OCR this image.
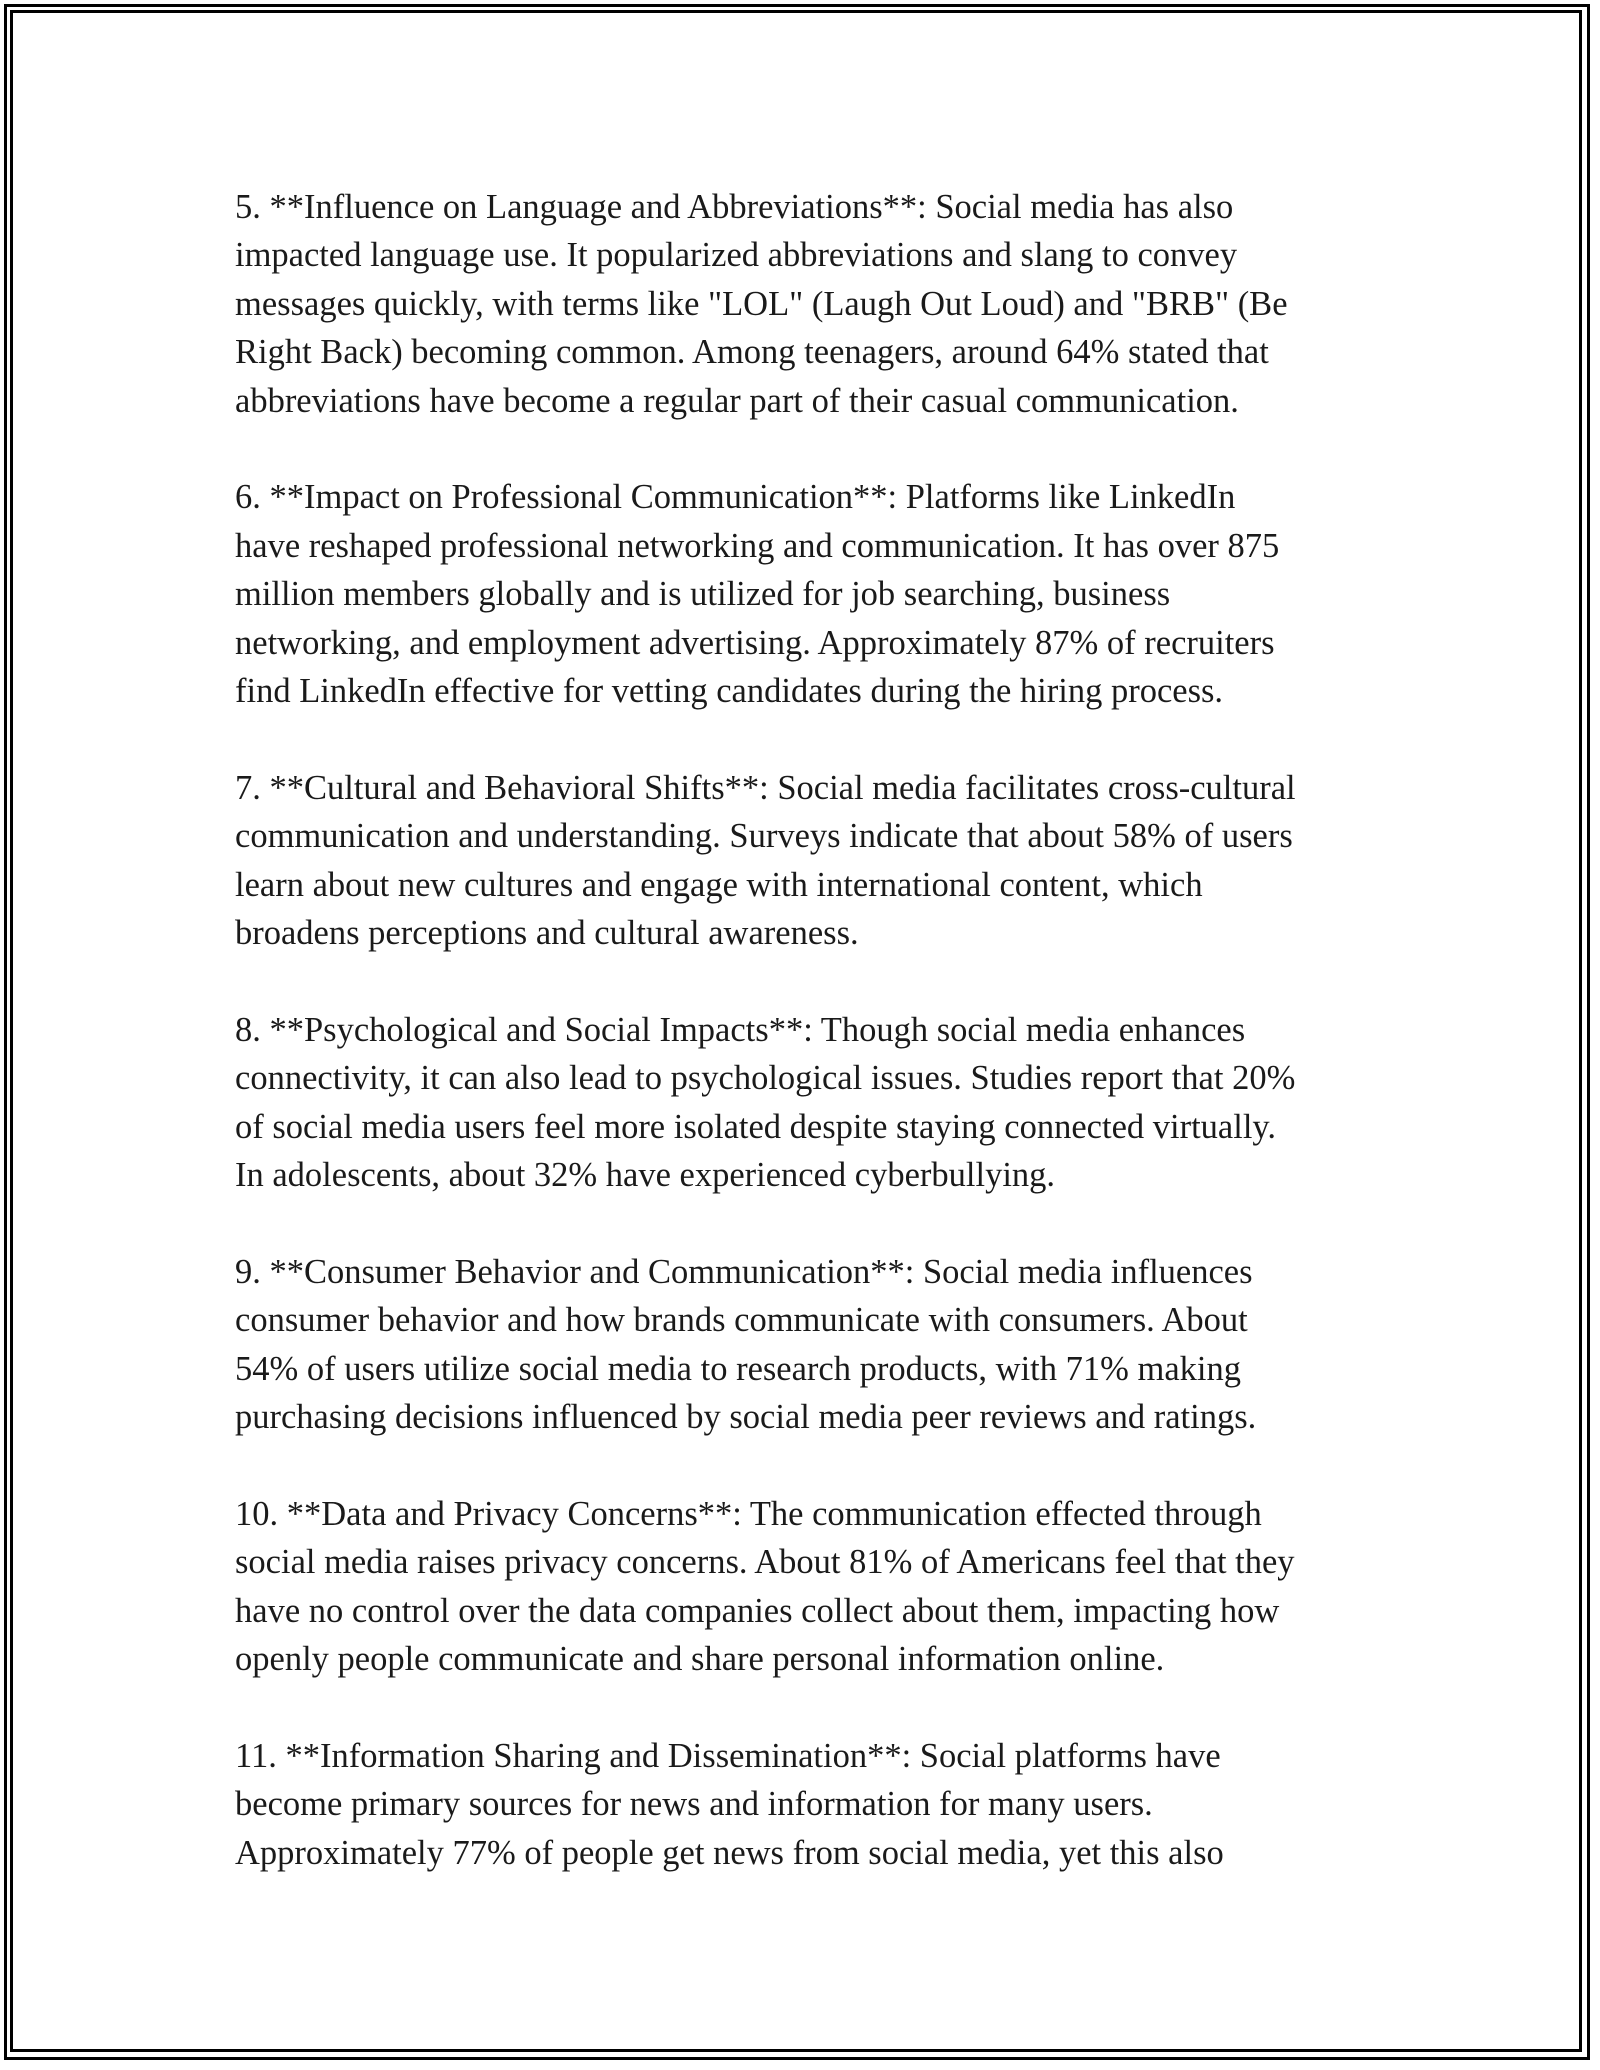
5. **Influence on Language and Abbreviations**: Social media has also
impacted language use. It popularized abbreviations and slang to convey
messages quickly, with terms like "LOL" (Laugh Out Loud) and "BRB" (Be
Right Back) becoming common. Among teenagers, around 64% stated that
abbreviations have become a regular part of their casual communication.

6. **Impact on Professional Communication**: Platforms like LinkedIn
have reshaped professional networking and communication. It has over 875
million members globally and is utilized for job searching, business
networking, and employment advertising. Approximately 87% of recruiters
find LinkedIn effective for vetting candidates during the hiring process.

7. **Cultural and Behavioral Shifts**: Social media facilitates cross-cultural
communication and understanding. Surveys indicate that about 58% of users
learn about new cultures and engage with international content, which
broadens perceptions and cultural awareness.

8. **Psychological and Social Impacts**: Though social media enhances
connectivity, it can also lead to psychological issues. Studies report that 20%
of social media users feel more isolated despite staying connected virtually.
In adolescents, about 32% have experienced cyberbullying.

9. **Consumer Behavior and Communication**: Social media influences
consumer behavior and how brands communicate with consumers. About
54% of users utilize social media to research products, with 71% making
purchasing decisions influenced by social media peer reviews and ratings.

10. **Data and Privacy Concerns**: The communication effected through
social media raises privacy concerns. About 81% of Americans feel that they
have no control over the data companies collect about them, impacting how
openly people communicate and share personal information online.

11. **Information Sharing and Dissemination**: Social platforms have
become primary sources for news and information for many users.
Approximately 77% of people get news from social media, yet this also
